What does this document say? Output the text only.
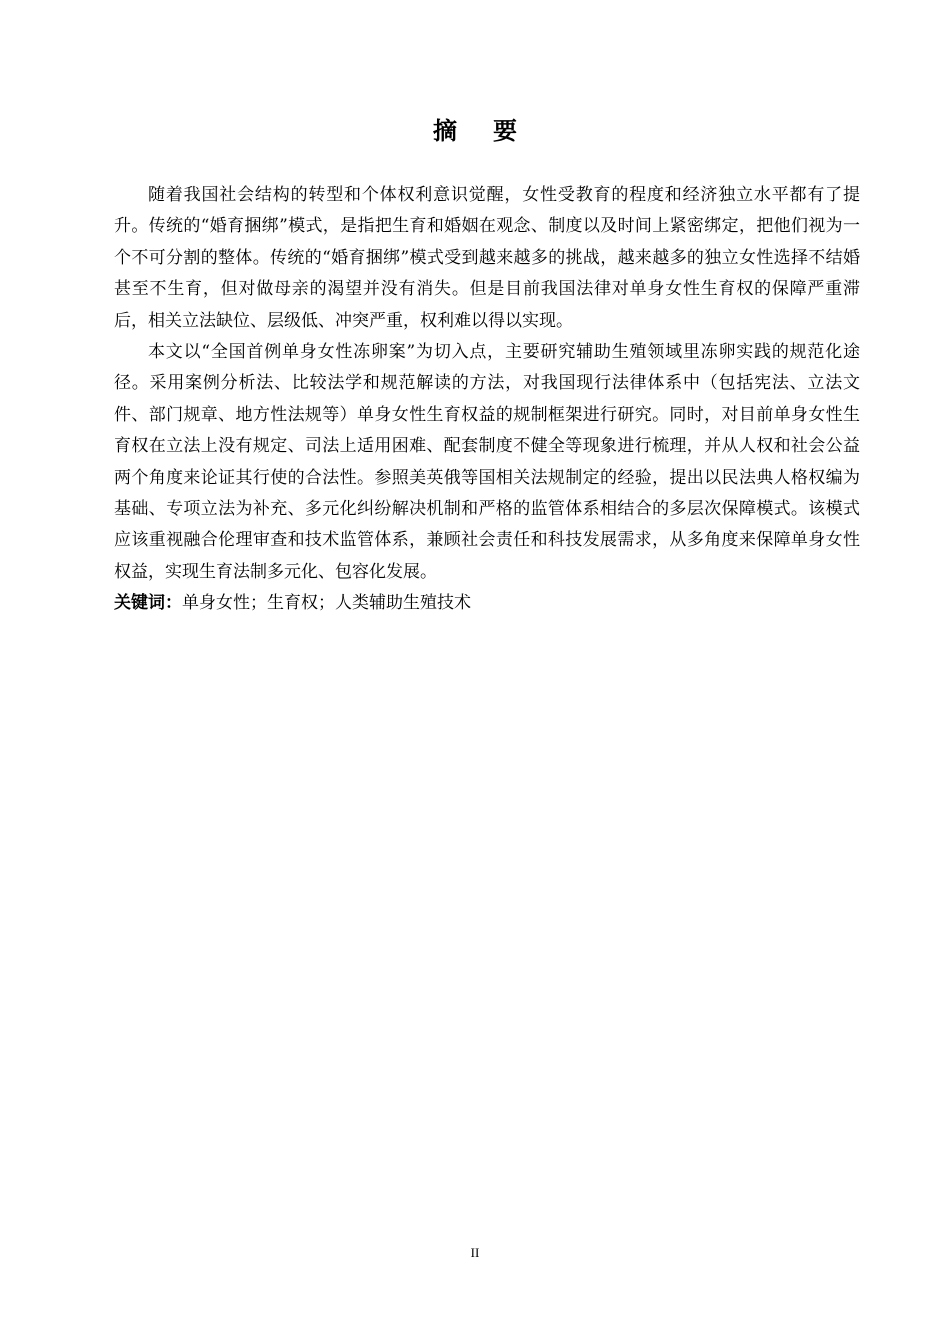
摘要

随着我国社会结构的转型和个体权利意识觉醒，女性受教育的程度和经济独立水平都有了提升。传统的“婚育捆绑”模式，是指把生育和婚姻在观念、制度以及时间上紧密绑定，把他们视为一个不可分割的整体。传统的“婚育捆绑”模式受到越来越多的挑战，越来越多的独立女性选择不结婚甚至不生育，但对做母亲的渴望并没有消失。但是目前我国法律对单身女性生育权的保障严重滞后，相关立法缺位、层级低、冲突严重，权利难以得以实现。

本文以“全国首例单身女性冻卵案”为切入点，主要研究辅助生殖领域里冻卵实践的规范化途径。采用案例分析法、比较法学和规范解读的方法，对我国现行法律体系中（包括宪法、立法文件、部门规章、地方性法规等）单身女性生育权益的规制框架进行研究。同时，对目前单身女性生育权在立法上没有规定、司法上适用困难、配套制度不健全等现象进行梳理，并从人权和社会公益两个角度来论证其行使的合法性。参照美英俄等国相关法规制定的经验，提出以民法典人格权编为基础、专项立法为补充、多元化纠纷解决机制和严格的监管体系相结合的多层次保障模式。该模式应该重视融合伦理审查和技术监管体系，兼顾社会责任和科技发展需求，从多角度来保障单身女性权益，实现生育法制多元化、包容化发展。

关键词：单身女性；生育权；人类辅助生殖技术

II
